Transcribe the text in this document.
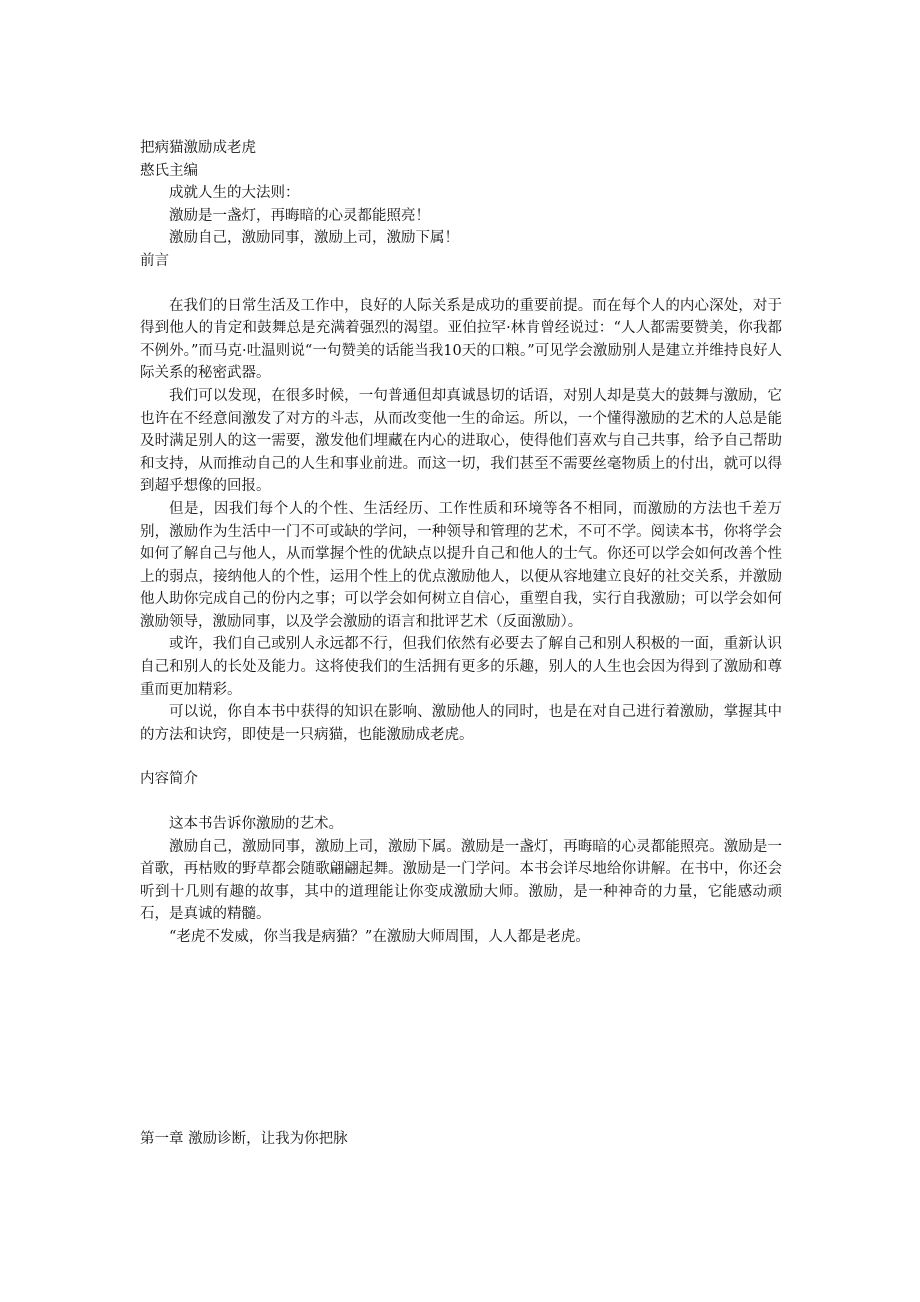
把病猫激励成老虎

憨氏主编

成就人生的大法则：

激励是一盏灯，再晦暗的心灵都能照亮！

激励自己，激励同事，激励上司，激励下属！

前言

在我们的日常生活及工作中，良好的人际关系是成功的重要前提。而在每个人的内心深处，对于得到他人的肯定和鼓舞总是充满着强烈的渴望。亚伯拉罕·林肯曾经说过：“人人都需要赞美，你我都不例外。”而马克·吐温则说“一句赞美的话能当我10天的口粮。”可见学会激励别人是建立并维持良好人际关系的秘密武器。

我们可以发现，在很多时候，一句普通但却真诚恳切的话语，对别人却是莫大的鼓舞与激励，它也许在不经意间激发了对方的斗志，从而改变他一生的命运。所以，一个懂得激励的艺术的人总是能及时满足别人的这一需要，激发他们埋藏在内心的进取心，使得他们喜欢与自己共事，给予自己帮助和支持，从而推动自己的人生和事业前进。而这一切，我们甚至不需要丝毫物质上的付出，就可以得到超乎想像的回报。

但是，因我们每个人的个性、生活经历、工作性质和环境等各不相同，而激励的方法也千差万别，激励作为生活中一门不可或缺的学问，一种领导和管理的艺术，不可不学。阅读本书，你将学会如何了解自己与他人，从而掌握个性的优缺点以提升自己和他人的士气。你还可以学会如何改善个性上的弱点，接纳他人的个性，运用个性上的优点激励他人，以便从容地建立良好的社交关系，并激励他人助你完成自己的份内之事；可以学会如何树立自信心，重塑自我，实行自我激励；可以学会如何激励领导，激励同事，以及学会激励的语言和批评艺术（反面激励）。

或许，我们自己或别人永远都不行，但我们依然有必要去了解自己和别人积极的一面，重新认识自己和别人的长处及能力。这将使我们的生活拥有更多的乐趣，别人的人生也会因为得到了激励和尊重而更加精彩。

可以说，你自本书中获得的知识在影响、激励他人的同时，也是在对自己进行着激励，掌握其中的方法和诀窍，即使是一只病猫，也能激励成老虎。

内容简介

这本书告诉你激励的艺术。

激励自己，激励同事，激励上司，激励下属。激励是一盏灯，再晦暗的心灵都能照亮。激励是一首歌，再枯败的野草都会随歌翩翩起舞。激励是一门学问。本书会详尽地给你讲解。在书中，你还会听到十几则有趣的故事，其中的道理能让你变成激励大师。激励，是一种神奇的力量，它能感动顽石，是真诚的精髓。

“老虎不发威，你当我是病猫？”在激励大师周围，人人都是老虎。

第一章 激励诊断，让我为你把脉
